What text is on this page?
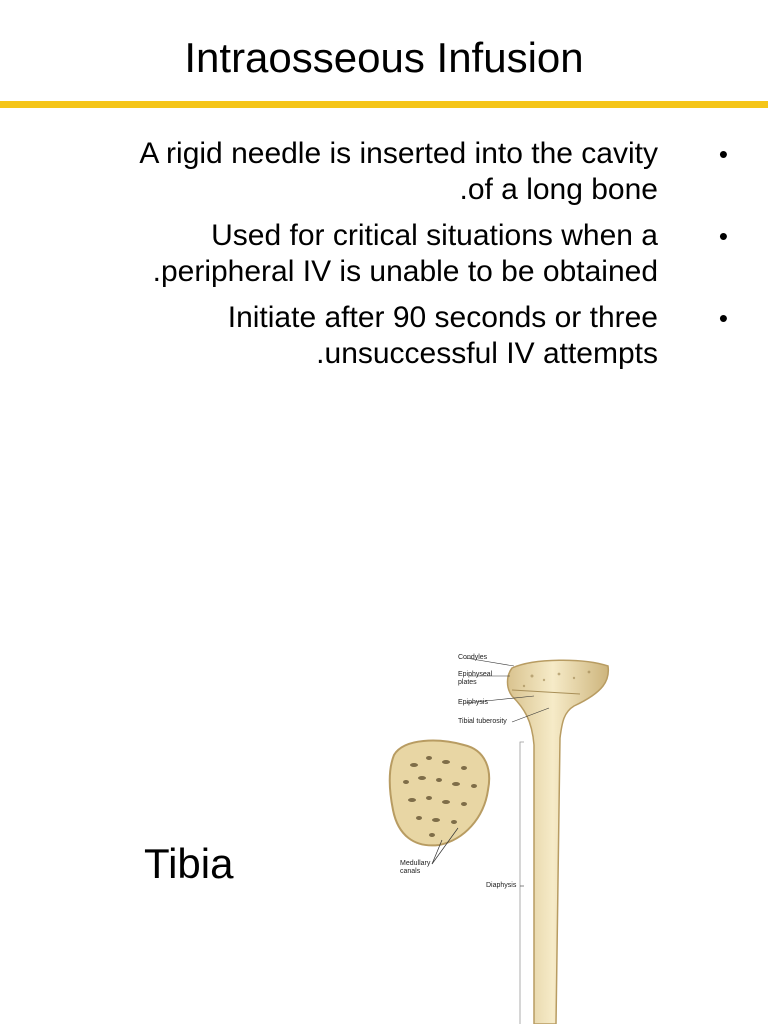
Intraosseous Infusion
A rigid needle is inserted into the cavity
.of a long bone
•
Used for critical situations when a
.peripheral IV is unable to be obtained
•
Initiate after 90 seconds or three
.unsuccessful IV attempts
•
Tibia
Condyles
Epiphyseal
plates
Epiphysis
Tibial tuberosity
Medullary
canals
Diaphysis
